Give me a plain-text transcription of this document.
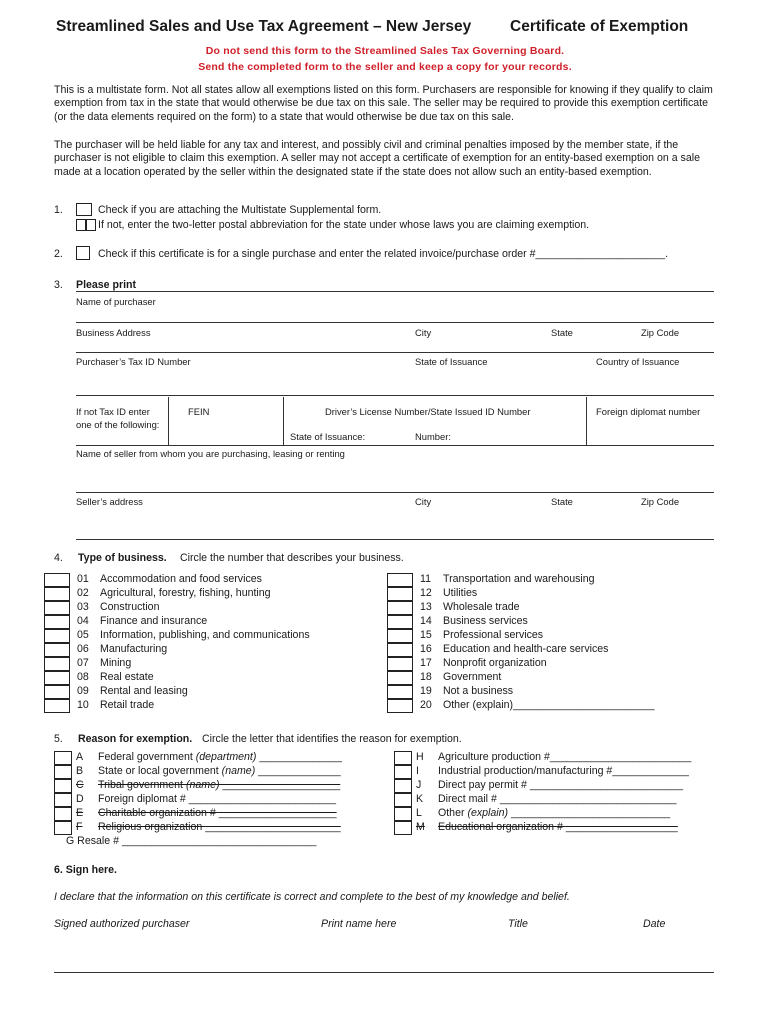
Streamlined Sales and Use Tax Agreement – New Jersey	Certificate of Exemption
Do not send this form to the Streamlined Sales Tax Governing Board.
Send the completed form to the seller and keep a copy for your records.
This is a multistate form. Not all states allow all exemptions listed on this form. Purchasers are responsible for knowing if they qualify to claim exemption from tax in the state that would otherwise be due tax on this sale. The seller may be required to provide this exemption certificate (or the data elements required on the form) to a state that would otherwise be due tax on this sale.
The purchaser will be held liable for any tax and interest, and possibly civil and criminal penalties imposed by the member state, if the purchaser is not eligible to claim this exemption. A seller may not accept a certificate of exemption for an entity-based exemption on a sale made at a location operated by the seller within the designated state if the state does not allow such an entity-based exemption.
1.	Check if you are attaching the Multistate Supplemental form.
If not, enter the two-letter postal abbreviation for the state under whose laws you are claiming exemption.
2.	Check if this certificate is for a single purchase and enter the related invoice/purchase order #______________________.
3. Please print
Name of purchaser
Business Address	City	State	Zip Code
Purchaser’s Tax ID Number	State of Issuance	Country of Issuance
If not Tax ID enter
one of the following:
FEIN	Driver’s License Number/State Issued ID Number	Foreign diplomat number
State of Issuance:	Number:
Name of seller from whom you are purchasing, leasing or renting
Seller’s address	City	State	Zip Code
4. Type of business. Circle the number that describes your business.
01 Accommodation and food services
02 Agricultural, forestry, fishing, hunting
03 Construction
04 Finance and insurance
05 Information, publishing, and communications
06 Manufacturing
07 Mining
08 Real estate
09 Rental and leasing
10 Retail trade
11 Transportation and warehousing
12 Utilities
13 Wholesale trade
14 Business services
15 Professional services
16 Education and health-care services
17 Nonprofit organization
18 Government
19 Not a business
20 Other (explain)________________________
5. Reason for exemption. Circle the letter that identifies the reason for exemption.
A Federal government (department) ______________
B State or local government (name) ______________
C Tribal government (name) ____________________
D Foreign diplomat # _________________________
E Charitable organization # ____________________
F Religious organization _______________________
G Resale # _________________________________
H Agriculture production #________________________
I Industrial production/manufacturing #_____________
J Direct pay permit # __________________________
K Direct mail # ______________________________
L Other (explain) ___________________________
M Educational organization # ___________________
6. Sign here.
I declare that the information on this certificate is correct and complete to the best of my knowledge and belief.
Signed authorized purchaser	Print name here	Title	Date
